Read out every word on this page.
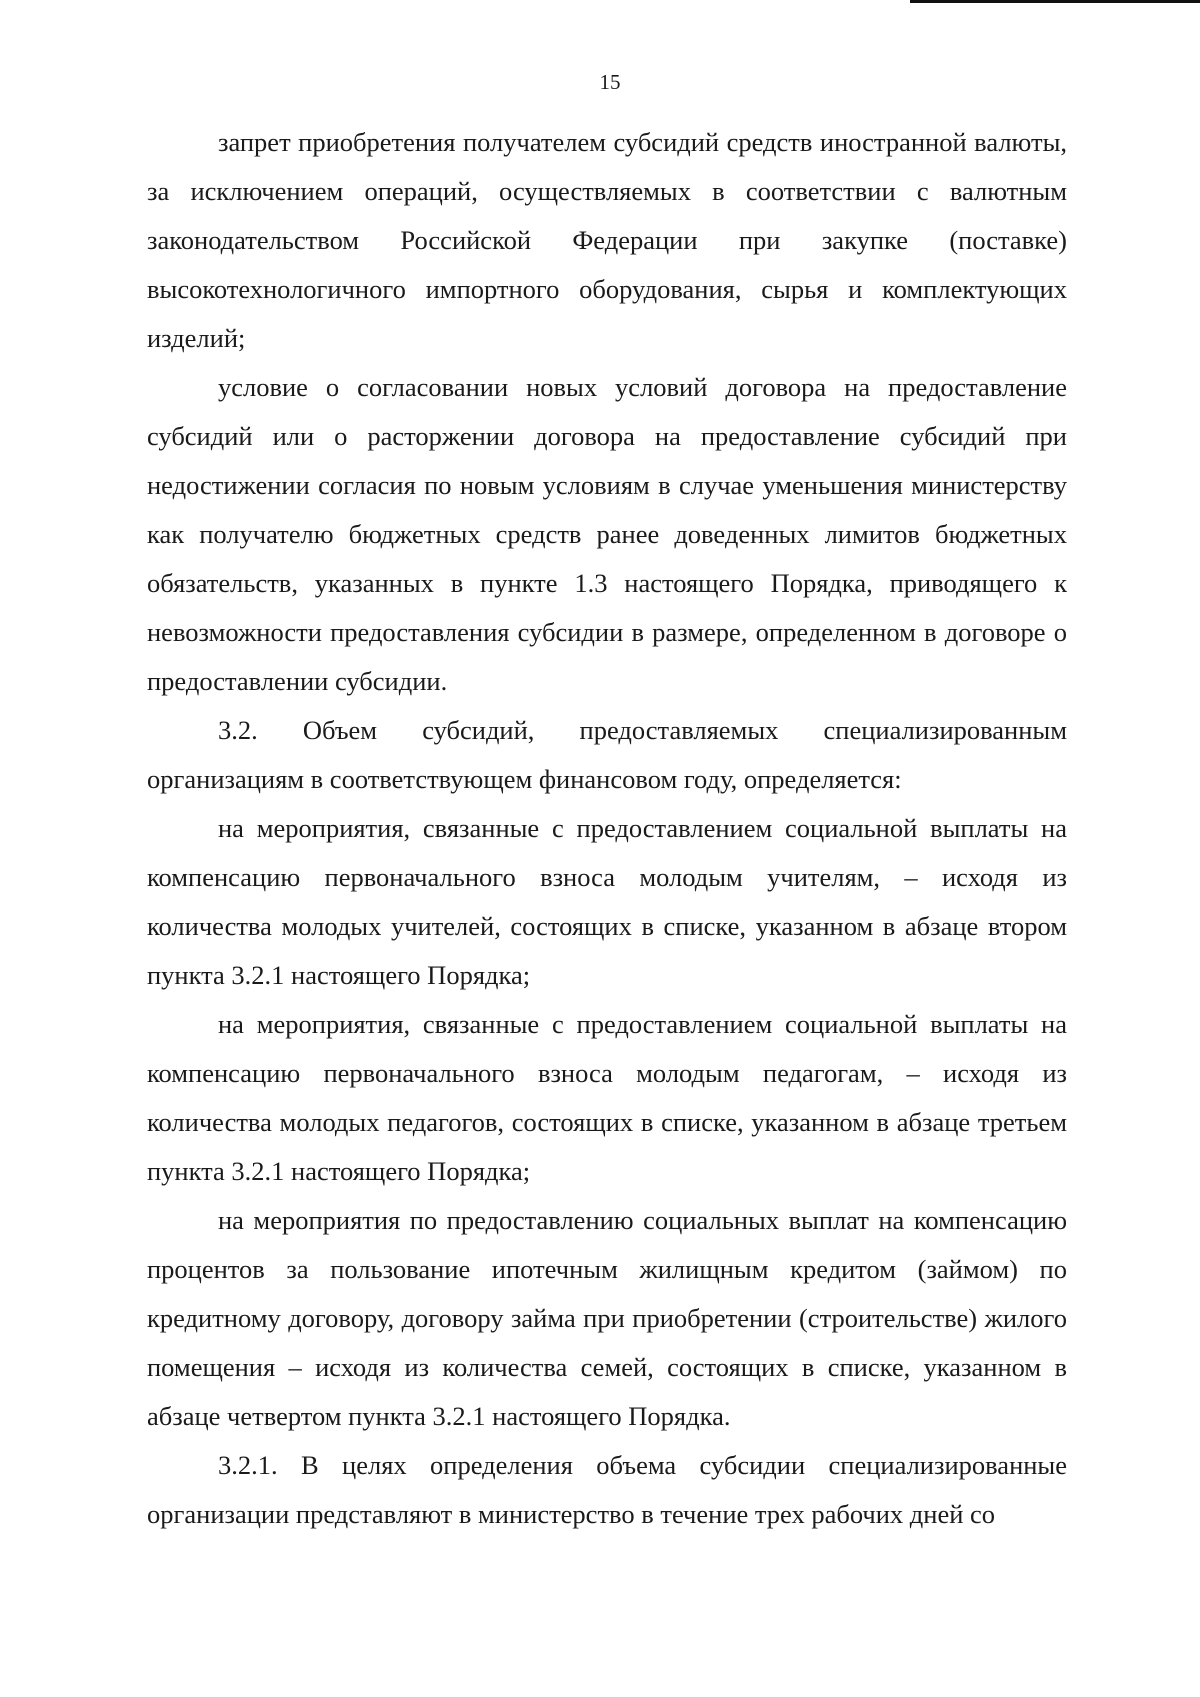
15

запрет приобретения получателем субсидий средств иностранной валюты, за исключением операций, осуществляемых в соответствии с валютным законодательством Российской Федерации при закупке (поставке) высокотехнологичного импортного оборудования, сырья и комплектующих изделий;

условие о согласовании новых условий договора на предоставление субсидий или о расторжении договора на предоставление субсидий при недостижении согласия по новым условиям в случае уменьшения министерству как получателю бюджетных средств ранее доведенных лимитов бюджетных обязательств, указанных в пункте 1.3 настоящего Порядка, приводящего к невозможности предоставления субсидии в размере, определенном в договоре о предоставлении субсидии.

3.2. Объем субсидий, предоставляемых специализированным организациям в соответствующем финансовом году, определяется:

на мероприятия, связанные с предоставлением социальной выплаты на компенсацию первоначального взноса молодым учителям, – исходя из количества молодых учителей, состоящих в списке, указанном в абзаце втором пункта 3.2.1 настоящего Порядка;

на мероприятия, связанные с предоставлением социальной выплаты на компенсацию первоначального взноса молодым педагогам, – исходя из количества молодых педагогов, состоящих в списке, указанном в абзаце третьем пункта 3.2.1 настоящего Порядка;

на мероприятия по предоставлению социальных выплат на компенсацию процентов за пользование ипотечным жилищным кредитом (займом) по кредитному договору, договору займа при приобретении (строительстве) жилого помещения – исходя из количества семей, состоящих в списке, указанном в абзаце четвертом пункта 3.2.1 настоящего Порядка.

3.2.1. В целях определения объема субсидии специализированные организации представляют в министерство в течение трех рабочих дней со
